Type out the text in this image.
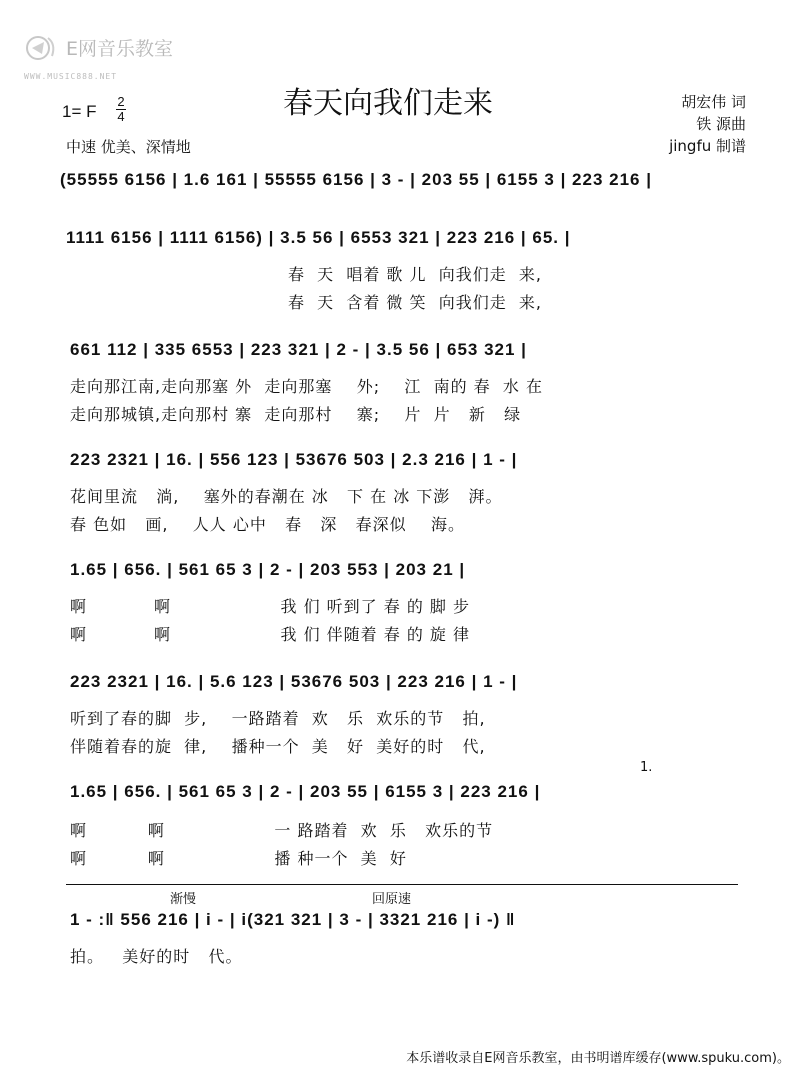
E网音乐教室

WWW.MUSIC888.NET

春天向我们走来
1= F
2
4
中速 优美、深情地
胡宏伟 词
铁 源曲
jingfu 制谱
(55555 6156 | 1.6 161 | 55555 6156 | 3 - | 203 55 | 6155 3 | 223 216 |
1111 6156 | 1111 6156) | 3.5 56 | 6553 321 | 223 216 | 65. |
春  天  唱着 歌 儿  向我们走  来,
春  天  含着 微 笑  向我们走  来,
661 112 | 335 6553 | 223 321 | 2 - | 3.5 56 | 653 321 |
走向那江南,走向那塞 外  走向那塞    外;    江  南的 春  水 在
走向那城镇,走向那村 寨  走向那村    寨;    片  片   新   绿
223 2321 | 16. | 556 123 | 53676 503 | 2.3 216 | 1 - |
花间里流   淌,    塞外的春潮在 冰   下 在 冰 下澎   湃。
春 色如   画,    人人 心中   春   深   春深似    海。
1.65 | 656. | 561 65 3 | 2 - | 203 553 | 203 21 |
啊           啊                  我 们 听到了 春 的 脚 步
啊           啊                  我 们 伴随着 春 的 旋 律
223 2321 | 16. | 5.6 123 | 53676 503 | 223 216 | 1 - |
听到了春的脚  步,    一路踏着  欢   乐  欢乐的节   拍,
伴随着春的旋  律,    播种一个  美   好  美好的时   代,
1.
1.65 | 656. | 561 65 3 | 2 - | 203 55 | 6155 3 | 223 216 |
啊          啊                  一 路踏着  欢  乐   欢乐的节
啊          啊                  播 种一个  美  好
渐慢	回原速
1 - :‖ 556 216 | i - | i(321 321 | 3 - | 3321 216 | i -) ‖
拍。   美好的时   代。
本乐谱收录自E网音乐教室，由书明谱库缓存(www.spuku.com)。
